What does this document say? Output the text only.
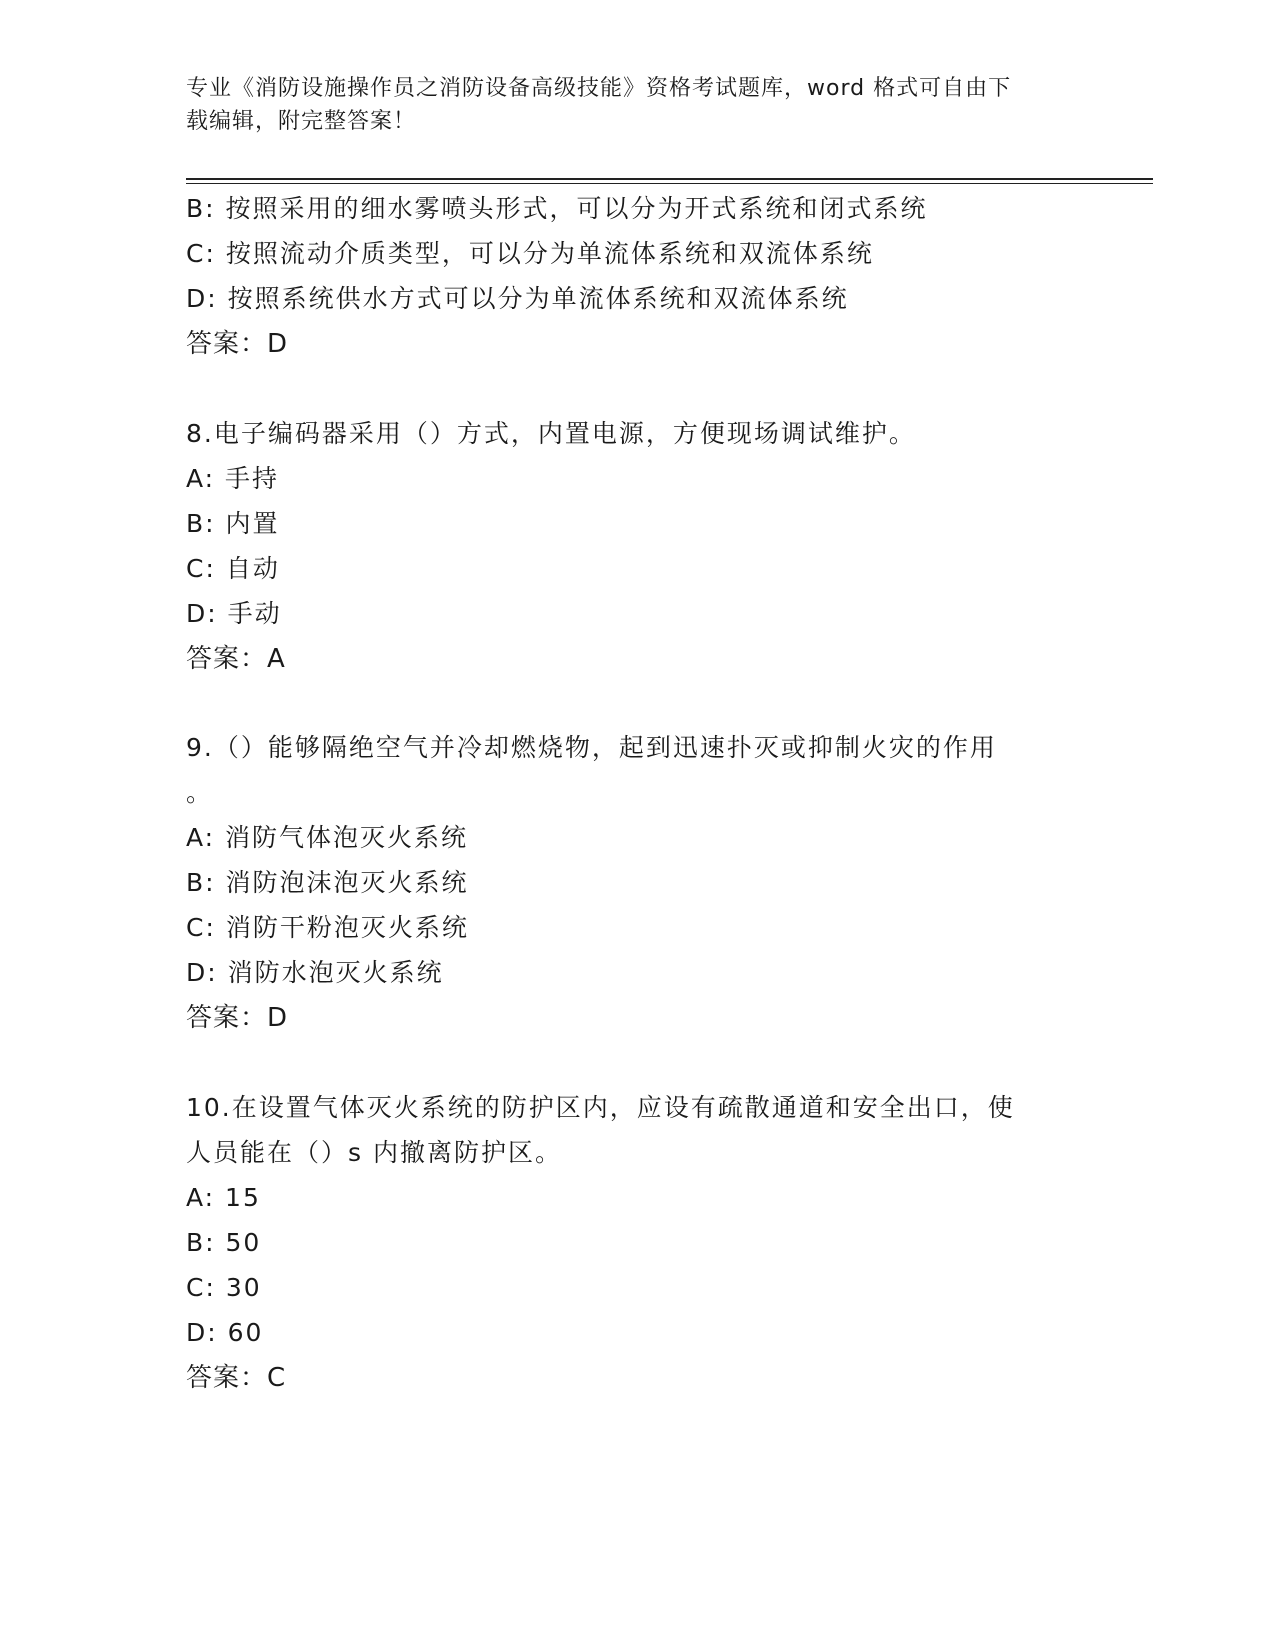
专业《消防设施操作员之消防设备高级技能》资格考试题库，word 格式可自由下

载编辑，附完整答案！

B: 按照采用的细水雾喷头形式，可以分为开式系统和闭式系统
C: 按照流动介质类型，可以分为单流体系统和双流体系统
D: 按照系统供水方式可以分为单流体系统和双流体系统
答案：D
8.电子编码器采用（）方式，内置电源，方便现场调试维护。
A: 手持
B: 内置
C: 自动
D: 手动
答案：A
9.（）能够隔绝空气并冷却燃烧物，起到迅速扑灭或抑制火灾的作用
。
A: 消防气体泡灭火系统
B: 消防泡沫泡灭火系统
C: 消防干粉泡灭火系统
D: 消防水泡灭火系统
答案：D
10.在设置气体灭火系统的防护区内，应设有疏散通道和安全出口，使
人员能在（）s 内撤离防护区。
A: 15
B: 50
C: 30
D: 60
答案：C
